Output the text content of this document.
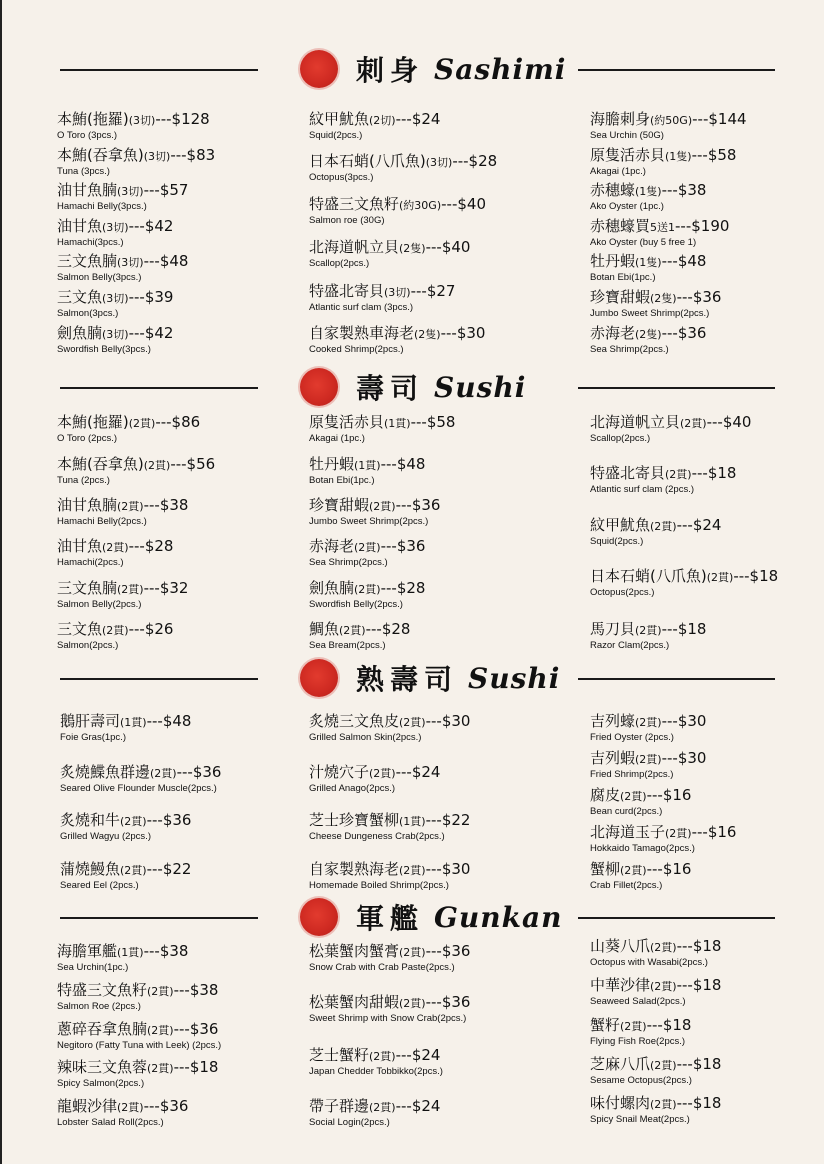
刺身 Sashimi
本鮪(拖羅)(3切)---$128
O Toro (3pcs.)
本鮪(吞拿魚)(3切)---$83
Tuna (3pcs.)
油甘魚腩(3切)---$57
Hamachi Belly(3pcs.)
油甘魚(3切)---$42
Hamachi(3pcs.)
三文魚腩(3切)---$48
Salmon Belly(3pcs.)
三文魚(3切)---$39
Salmon(3pcs.)
劍魚腩(3切)---$42
Swordfish Belly(3pcs.)
紋甲魷魚(2切)---$24
Squid(2pcs.)
日本石蛸(八爪魚)(3切)---$28
Octopus(3pcs.)
特盛三文魚籽(約30G)---$40
Salmon roe (30G)
北海道帆立貝(2隻)---$40
Scallop(2pcs.)
特盛北寄貝(3切)---$27
Atlantic surf clam (3pcs.)
自家製熟車海老(2隻)---$30
Cooked Shrimp(2pcs.)
海膽刺身(約50G)---$144
Sea Urchin (50G)
原隻活赤貝(1隻)---$58
Akagai (1pc.)
赤穗蠔(1隻)---$38
Ako Oyster (1pc.)
赤穗蠔買5送1---$190
Ako Oyster (buy 5 free 1)
牡丹蝦(1隻)---$48
Botan Ebi(1pc.)
珍寶甜蝦(2隻)---$36
Jumbo Sweet Shrimp(2pcs.)
赤海老(2隻)---$36
Sea Shrimp(2pcs.)
壽司 Sushi
本鮪(拖羅)(2貫)---$86
O Toro (2pcs.)
本鮪(吞拿魚)(2貫)---$56
Tuna (2pcs.)
油甘魚腩(2貫)---$38
Hamachi Belly(2pcs.)
油甘魚(2貫)---$28
Hamachi(2pcs.)
三文魚腩(2貫)---$32
Salmon Belly(2pcs.)
三文魚(2貫)---$26
Salmon(2pcs.)
原隻活赤貝(1貫)---$58
Akagai (1pc.)
牡丹蝦(1貫)---$48
Botan Ebi(1pc.)
珍寶甜蝦(2貫)---$36
Jumbo Sweet Shrimp(2pcs.)
赤海老(2貫)---$36
Sea Shrimp(2pcs.)
劍魚腩(2貫)---$28
Swordfish Belly(2pcs.)
鯛魚(2貫)---$28
Sea Bream(2pcs.)
北海道帆立貝(2貫)---$40
Scallop(2pcs.)
特盛北寄貝(2貫)---$18
Atlantic surf clam (2pcs.)
紋甲魷魚(2貫)---$24
Squid(2pcs.)
日本石蛸(八爪魚)(2貫)---$18
Octopus(2pcs.)
馬刀貝(2貫)---$18
Razor Clam(2pcs.)
熟壽司 Sushi
鵝肝壽司(1貫)---$48
Foie Gras(1pc.)
炙燒鰈魚群邊(2貫)---$36
Seared Olive Flounder Muscle(2pcs.)
炙燒和牛(2貫)---$36
Grilled Wagyu (2pcs.)
蒲燒鰻魚(2貫)---$22
Seared Eel (2pcs.)
炙燒三文魚皮(2貫)---$30
Grilled Salmon Skin(2pcs.)
汁燒穴子(2貫)---$24
Grilled Anago(2pcs.)
芝士珍寶蟹柳(1貫)---$22
Cheese Dungeness Crab(2pcs.)
自家製熟海老(2貫)---$30
Homemade Boiled Shrimp(2pcs.)
吉列蠔(2貫)---$30
Fried Oyster (2pcs.)
吉列蝦(2貫)---$30
Fried Shrimp(2pcs.)
腐皮(2貫)---$16
Bean curd(2pcs.)
北海道玉子(2貫)---$16
Hokkaido Tamago(2pcs.)
蟹柳(2貫)---$16
Crab Fillet(2pcs.)
軍艦 Gunkan
海膽軍艦(1貫)---$38
Sea Urchin(1pc.)
特盛三文魚籽(2貫)---$38
Salmon Roe (2pcs.)
蔥碎吞拿魚腩(2貫)---$36
Negitoro (Fatty Tuna with Leek) (2pcs.)
辣味三文魚蓉(2貫)---$18
Spicy Salmon(2pcs.)
龍蝦沙律(2貫)---$36
Lobster Salad Roll(2pcs.)
松葉蟹肉蟹膏(2貫)---$36
Snow Crab with Crab Paste(2pcs.)
松葉蟹肉甜蝦(2貫)---$36
Sweet Shrimp with Snow Crab(2pcs.)
芝士蟹籽(2貫)---$24
Japan Chedder Tobbikko(2pcs.)
帶子群邊(2貫)---$24
Social Login(2pcs.)
山葵八爪(2貫)---$18
Octopus with Wasabi(2pcs.)
中華沙律(2貫)---$18
Seaweed Salad(2pcs.)
蟹籽(2貫)---$18
Flying Fish Roe(2pcs.)
芝麻八爪(2貫)---$18
Sesame Octopus(2pcs.)
味付螺肉(2貫)---$18
Spicy Snail Meat(2pcs.)
